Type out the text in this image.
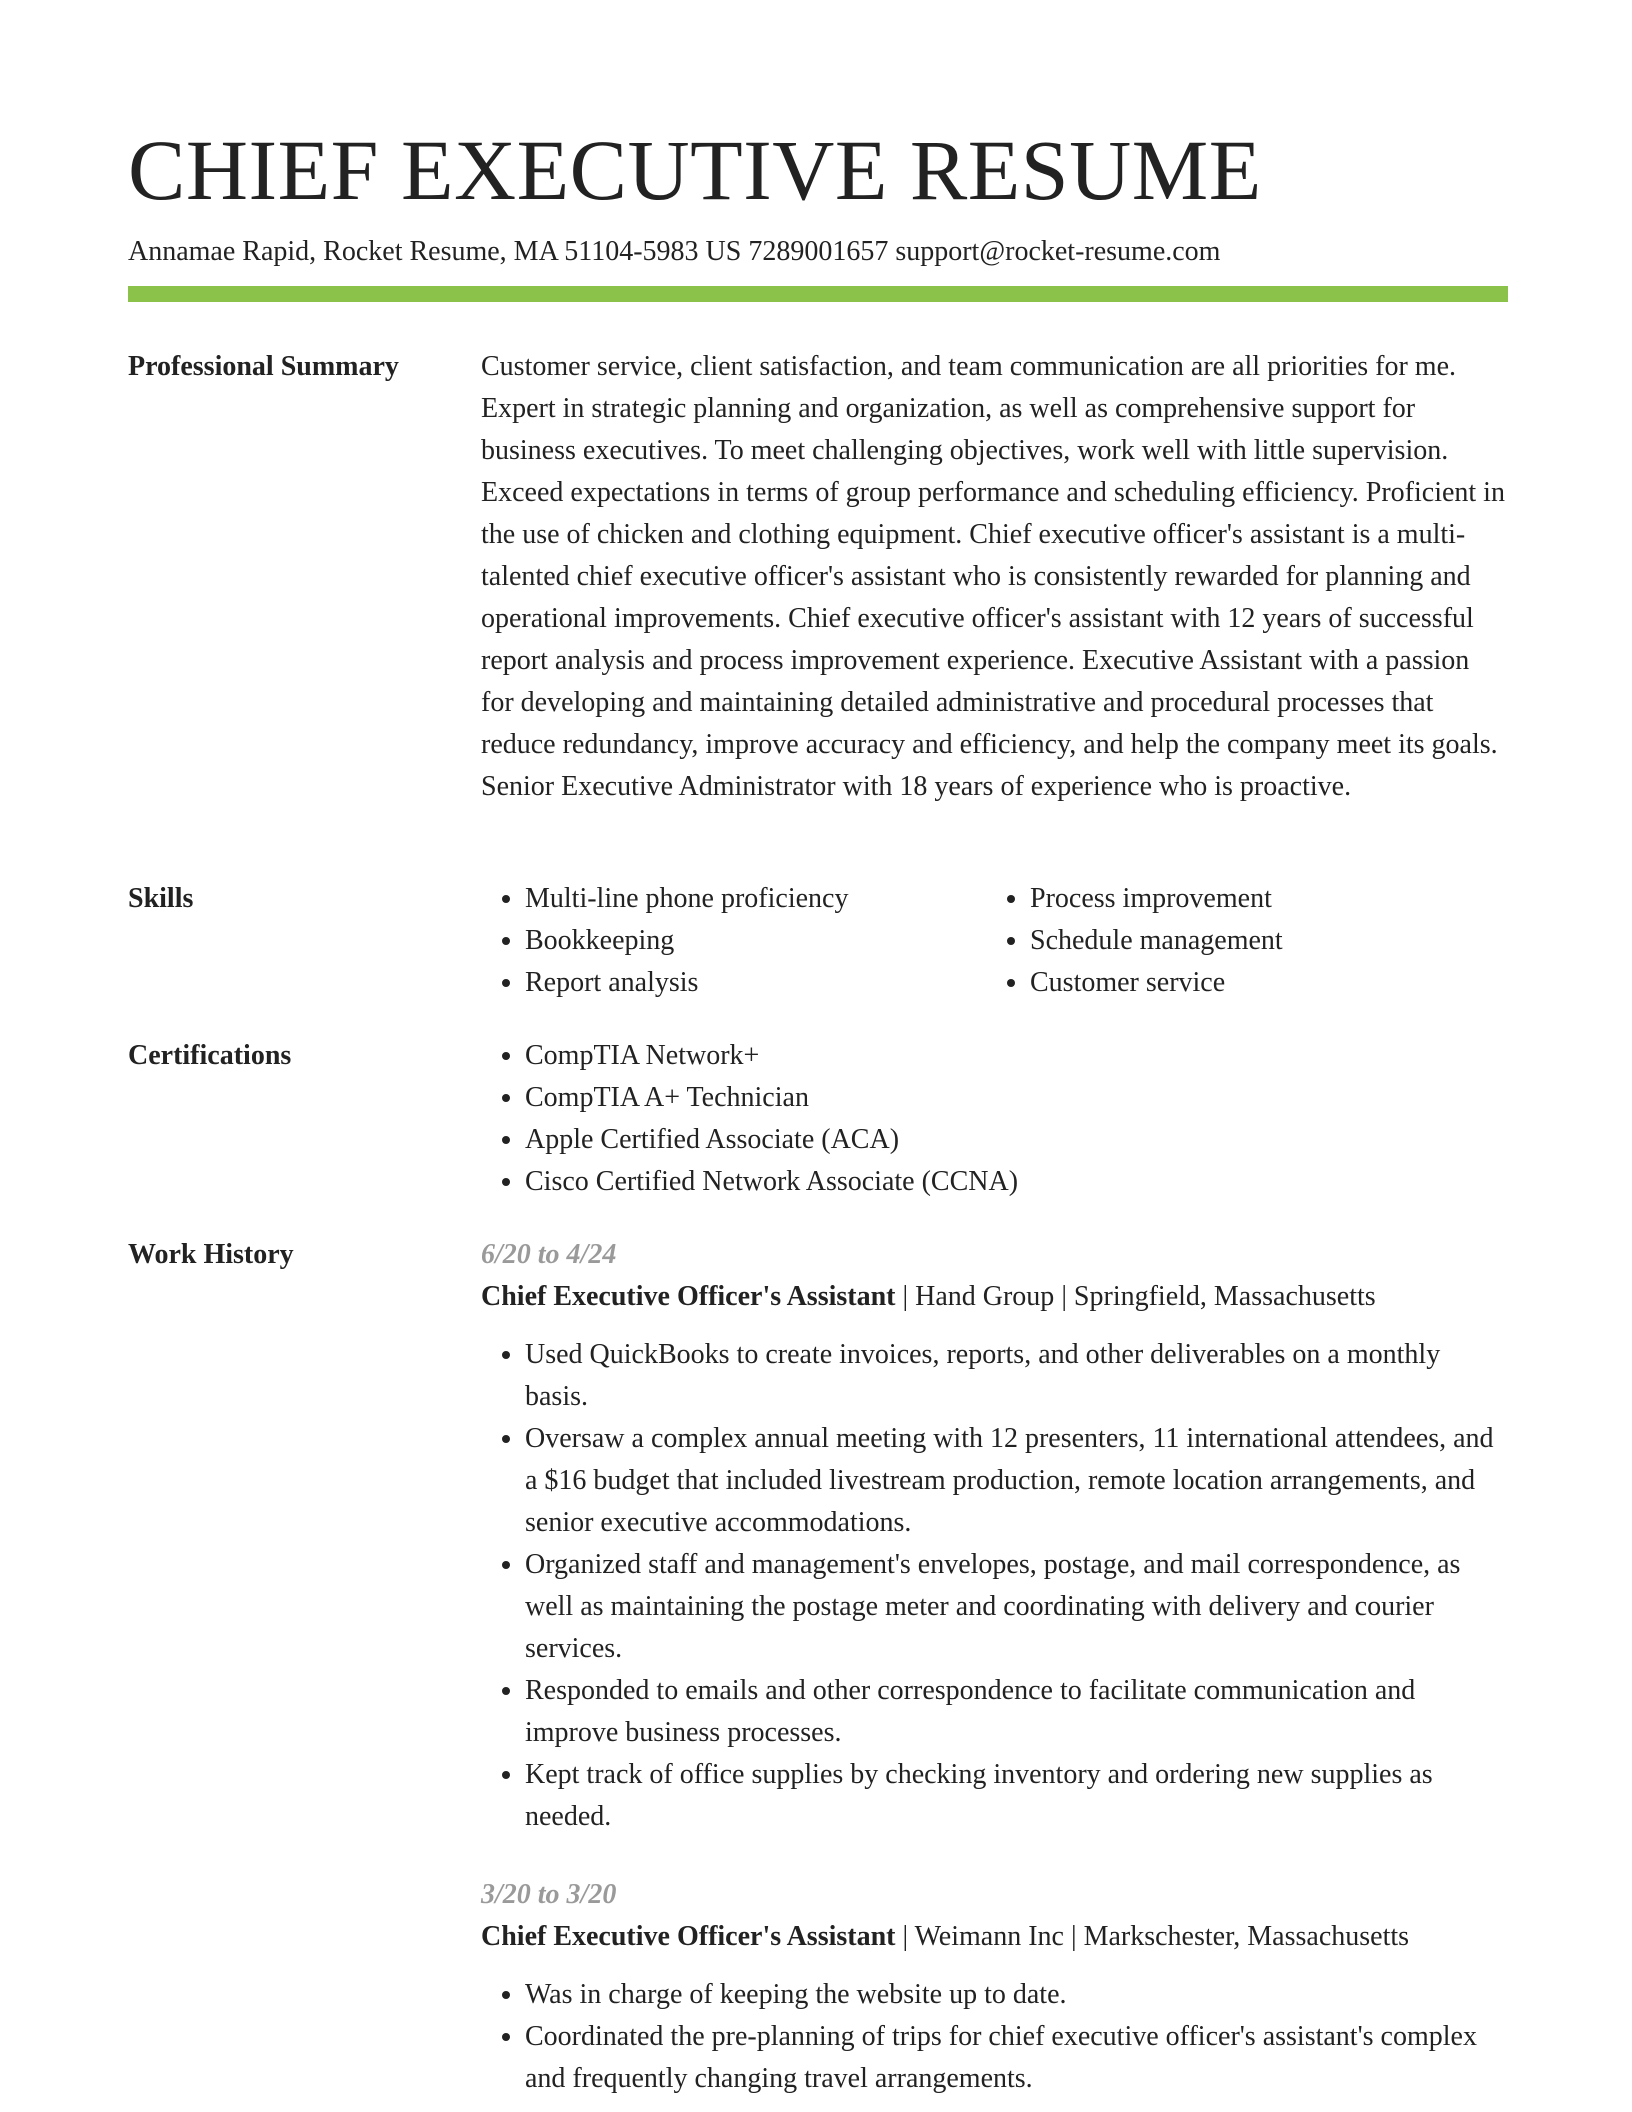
CHIEF EXECUTIVE RESUME
Annamae Rapid, Rocket Resume, MA 51104-5983 US 7289001657 support@rocket-resume.com
Professional Summary	Customer service, client satisfaction, and team communication are all priorities for me. Expert in strategic planning and organization, as well as comprehensive support for business executives. To meet challenging objectives, work well with little supervision. Exceed expectations in terms of group performance and scheduling efficiency. Proficient in the use of chicken and clothing equipment. Chief executive officer's assistant is a multi-talented chief executive officer's assistant who is consistently rewarded for planning and operational improvements. Chief executive officer's assistant with 12 years of successful report analysis and process improvement experience. Executive Assistant with a passion for developing and maintaining detailed administrative and procedural processes that reduce redundancy, improve accuracy and efficiency, and help the company meet its goals. Senior Executive Administrator with 18 years of experience who is proactive.

Skills	• Multi-line phone proficiency
• Bookkeeping
• Report analysis
• Process improvement
• Schedule management
• Customer service
Certifications	• CompTIA Network+
• CompTIA A+ Technician
• Apple Certified Associate (ACA)
• Cisco Certified Network Associate (CCNA)
Work History	6/20 to 4/24

Chief Executive Officer's Assistant | Hand Group | Springfield, Massachusetts

• Used QuickBooks to create invoices, reports, and other deliverables on a monthly basis.
• Oversaw a complex annual meeting with 12 presenters, 11 international attendees, and a $16 budget that included livestream production, remote location arrangements, and senior executive accommodations.
• Organized staff and management's envelopes, postage, and mail correspondence, as well as maintaining the postage meter and coordinating with delivery and courier services.
• Responded to emails and other correspondence to facilitate communication and improve business processes.
• Kept track of office supplies by checking inventory and ordering new supplies as needed.

3/20 to 3/20

Chief Executive Officer's Assistant | Weimann Inc | Markschester, Massachusetts

• Was in charge of keeping the website up to date.
• Coordinated the pre-planning of trips for chief executive officer's assistant's complex and frequently changing travel arrangements.
